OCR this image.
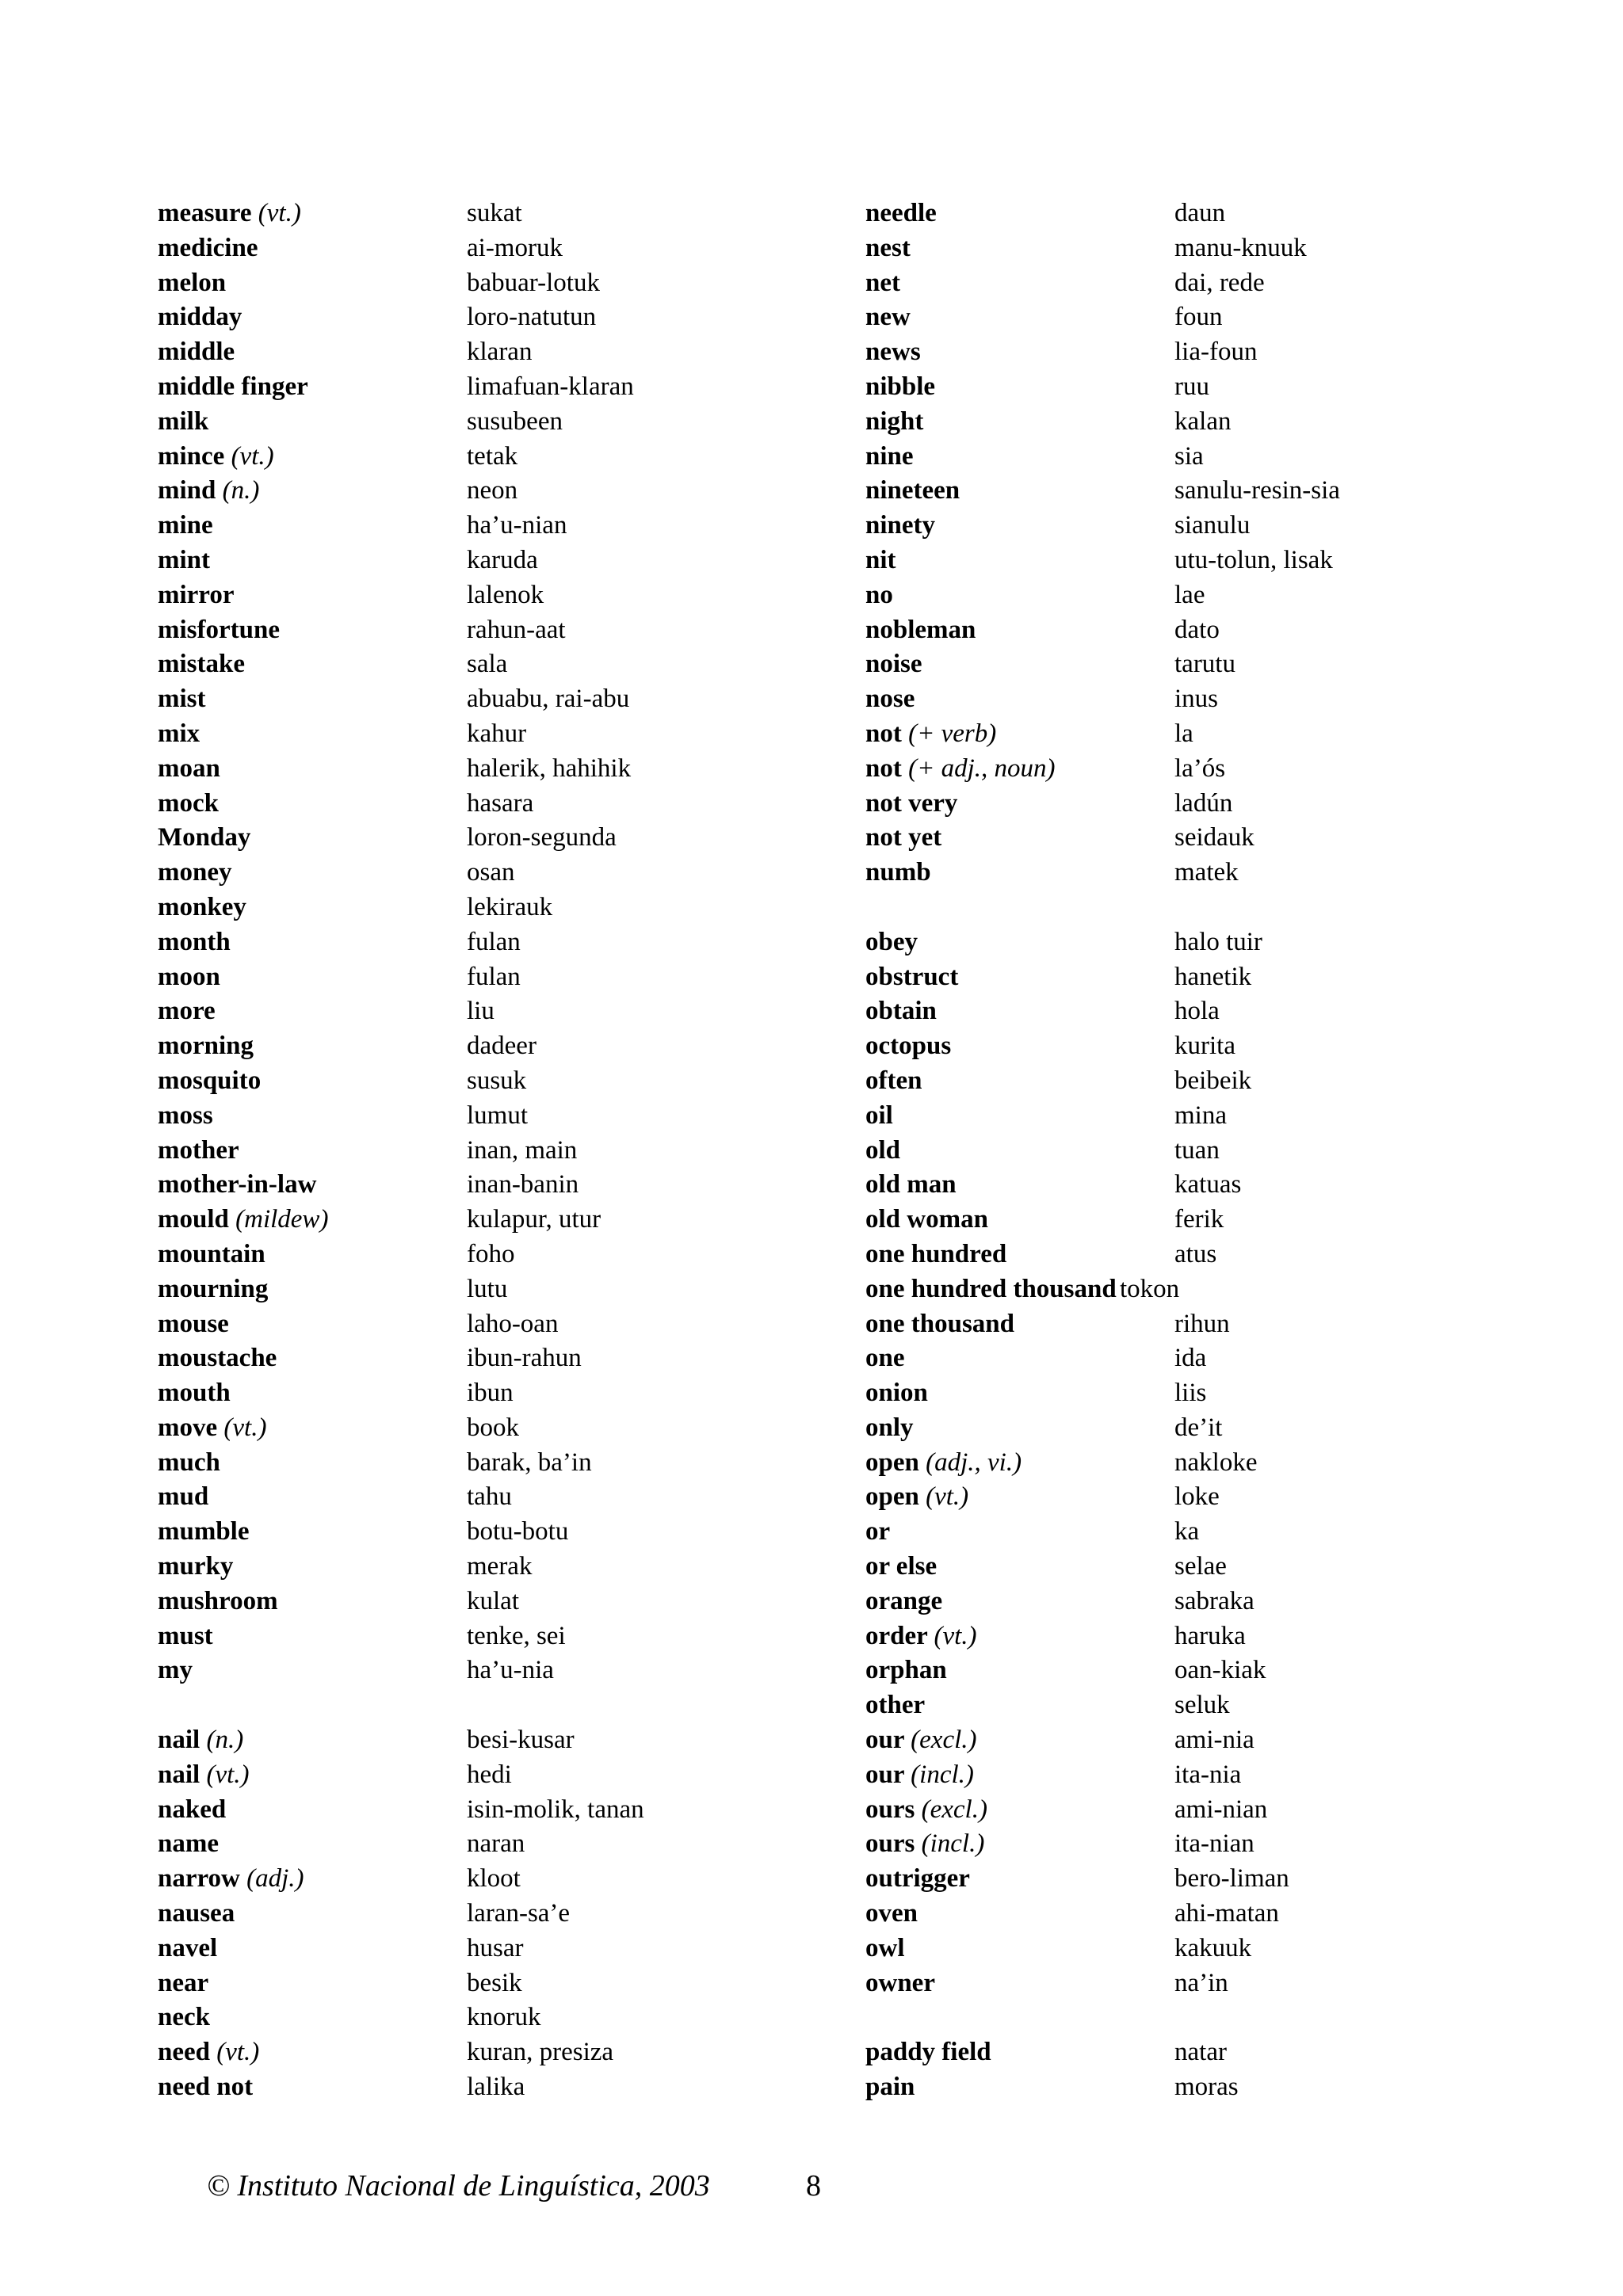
measure (vt.)	sukat
medicine	ai-moruk
melon	babuar-lotuk
midday	loro-natutun
middle	klaran
middle finger	limafuan-klaran
milk	susubeen
mince (vt.)	tetak
mind (n.)	neon
mine	ha’u-nian
mint	karuda
mirror	lalenok
misfortune	rahun-aat
mistake	sala
mist	abuabu, rai-abu
mix	kahur
moan	halerik, hahihik
mock	hasara
Monday	loron-segunda
money	osan
monkey	lekirauk
month	fulan
moon	fulan
more	liu
morning	dadeer
mosquito	susuk
moss	lumut
mother	inan, main
mother-in-law	inan-banin
mould (mildew)	kulapur, utur
mountain	foho
mourning	lutu
mouse	laho-oan
moustache	ibun-rahun
mouth	ibun
move (vt.)	book
much	barak, ba’in
mud	tahu
mumble	botu-botu
murky	merak
mushroom	kulat
must	tenke, sei
my	ha’u-nia
nail (n.)	besi-kusar
nail (vt.)	hedi
naked	isin-molik, tanan
name	naran
narrow (adj.)	kloot
nausea	laran-sa’e
navel	husar
near	besik
neck	knoruk
need (vt.)	kuran, presiza
need not	lalika
needle	daun
nest	manu-knuuk
net	dai, rede
new	foun
news	lia-foun
nibble	ruu
night	kalan
nine	sia
nineteen	sanulu-resin-sia
ninety	sianulu
nit	utu-tolun, lisak
no	lae
nobleman	dato
noise	tarutu
nose	inus
not (+ verb)	la
not (+ adj., noun)	la’ós
not very	ladún
not yet	seidauk
numb	matek
obey	halo tuir
obstruct	hanetik
obtain	hola
octopus	kurita
often	beibeik
oil	mina
old	tuan
old man	katuas
old woman	ferik
one hundred	atus
one hundred thousand tokon
one thousand	rihun
one	ida
onion	liis
only	de’it
open (adj., vi.)	nakloke
open (vt.)	loke
or	ka
or else	selae
orange	sabraka
order (vt.)	haruka
orphan	oan-kiak
other	seluk
our (excl.)	ami-nia
our (incl.)	ita-nia
ours (excl.)	ami-nian
ours (incl.)	ita-nian
outrigger	bero-liman
oven	ahi-matan
owl	kakuuk
owner	na’in
paddy field	natar
pain	moras
© Instituto Nacional de Linguística, 2003	8
